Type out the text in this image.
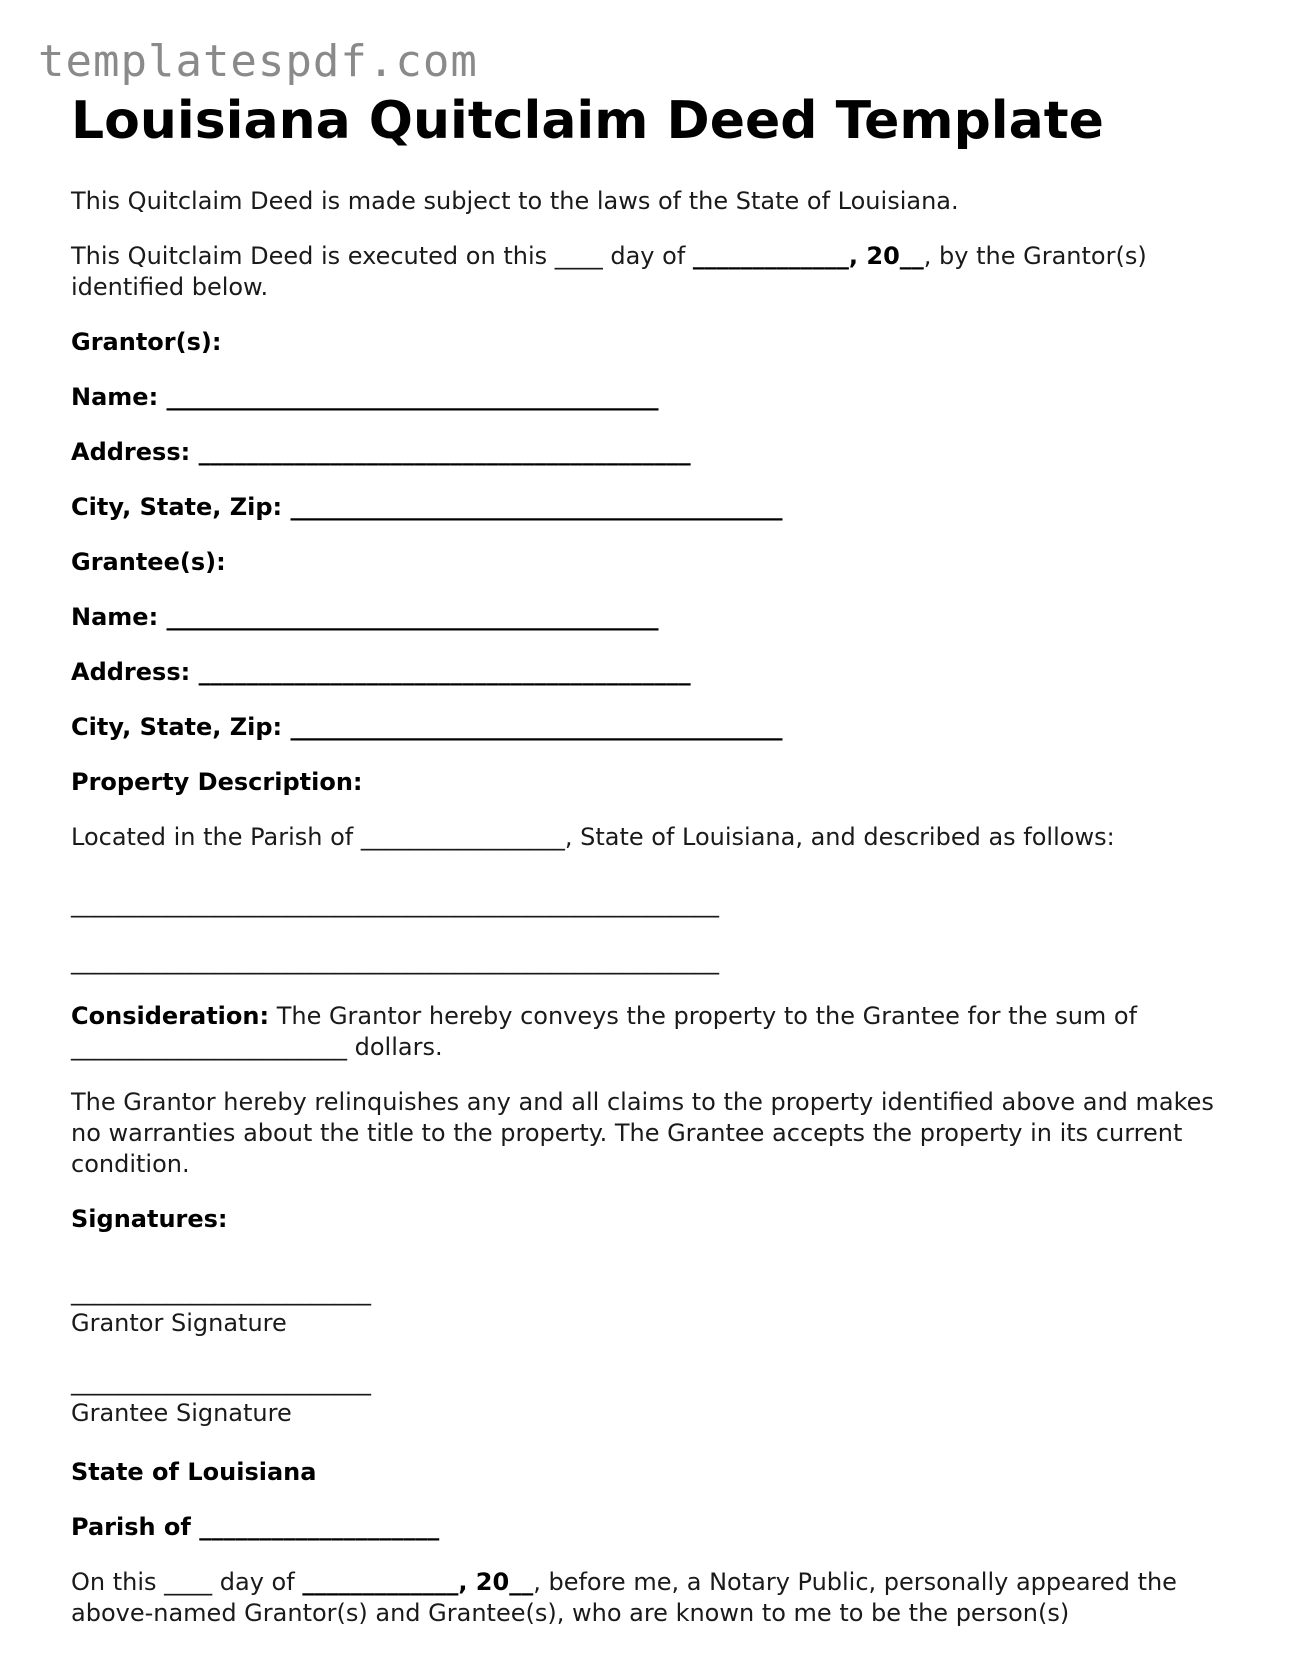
templatespdf.com
Louisiana Quitclaim Deed Template

This Quitclaim Deed is made subject to the laws of the State of Louisiana.

This Quitclaim Deed is executed on this ____ day of _____________, 20__, by the Grantor(s) identified below.

Grantor(s):

Name: _________________________________________

Address: _________________________________________

City, State, Zip: _________________________________________

Grantee(s):

Name: _________________________________________

Address: _________________________________________

City, State, Zip: _________________________________________

Property Description:

Located in the Parish of _________________, State of Louisiana, and described as follows:

______________________________________________________

______________________________________________________

Consideration: The Grantor hereby conveys the property to the Grantee for the sum of _______________________ dollars.

The Grantor hereby relinquishes any and all claims to the property identified above and makes no warranties about the title to the property. The Grantee accepts the property in its current condition.

Signatures:

_________________________

Grantor Signature

_________________________

Grantee Signature

State of Louisiana

Parish of ____________________

On this ____ day of _____________, 20__, before me, a Notary Public, personally appeared the above-named Grantor(s) and Grantee(s), who are known to me to be the person(s)
